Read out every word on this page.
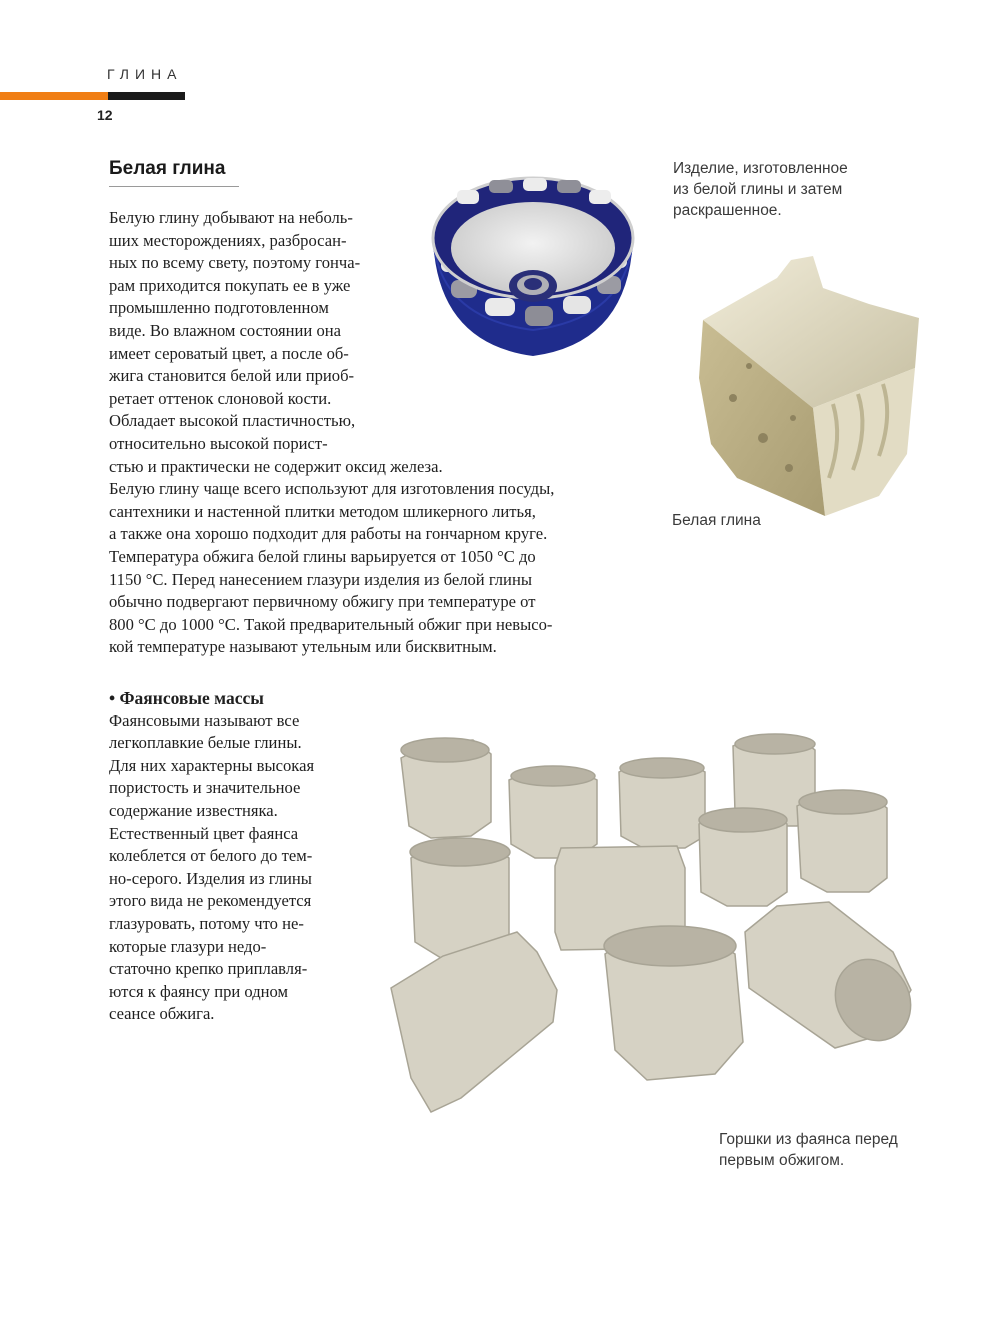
ГЛИНА
12
Белая глина
Белую глину добывают на неболь-
ших месторождениях, разбросан-
ных по всему свету, поэтому гонча-
рам приходится покупать ее в уже
промышленно подготовленном
виде. Во влажном состоянии она
имеет сероватый цвет, а после об-
жига становится белой или приоб-
ретает оттенок слоновой кости.
Обладает высокой пластичностью,
относительно высокой порист-
стью и практически не содержит оксид железа.
Белую глину чаще всего используют для изготовления посуды,
сантехники и настенной плитки методом шликерного литья,
а также она хорошо подходит для работы на гончарном круге.
Температура обжига белой глины варьируется от 1050 °С до
1150 °С. Перед нанесением глазури изделия из белой глины
обычно подвергают первичному обжигу при температуре от
800 °С до 1000 °С. Такой предварительный обжиг при невысо-
кой температуре называют утельным или бисквитным.
• Фаянсовые массы
Фаянсовыми называют все
легкоплавкие белые глины.
Для них характерны высокая
пористость и значительное
содержание известняка.
Естественный цвет фаянса
колеблется от белого до тем-
но-серого. Изделия из глины
этого вида не рекомендуется
глазуровать, потому что не-
которые глазури недо-
статочно крепко приплавля-
ются к фаянсу при одном
сеансе обжига.
Изделие, изготовленное
из белой глины и затем
раскрашенное.
Белая глина
Горшки из фаянса перед
первым обжигом.
